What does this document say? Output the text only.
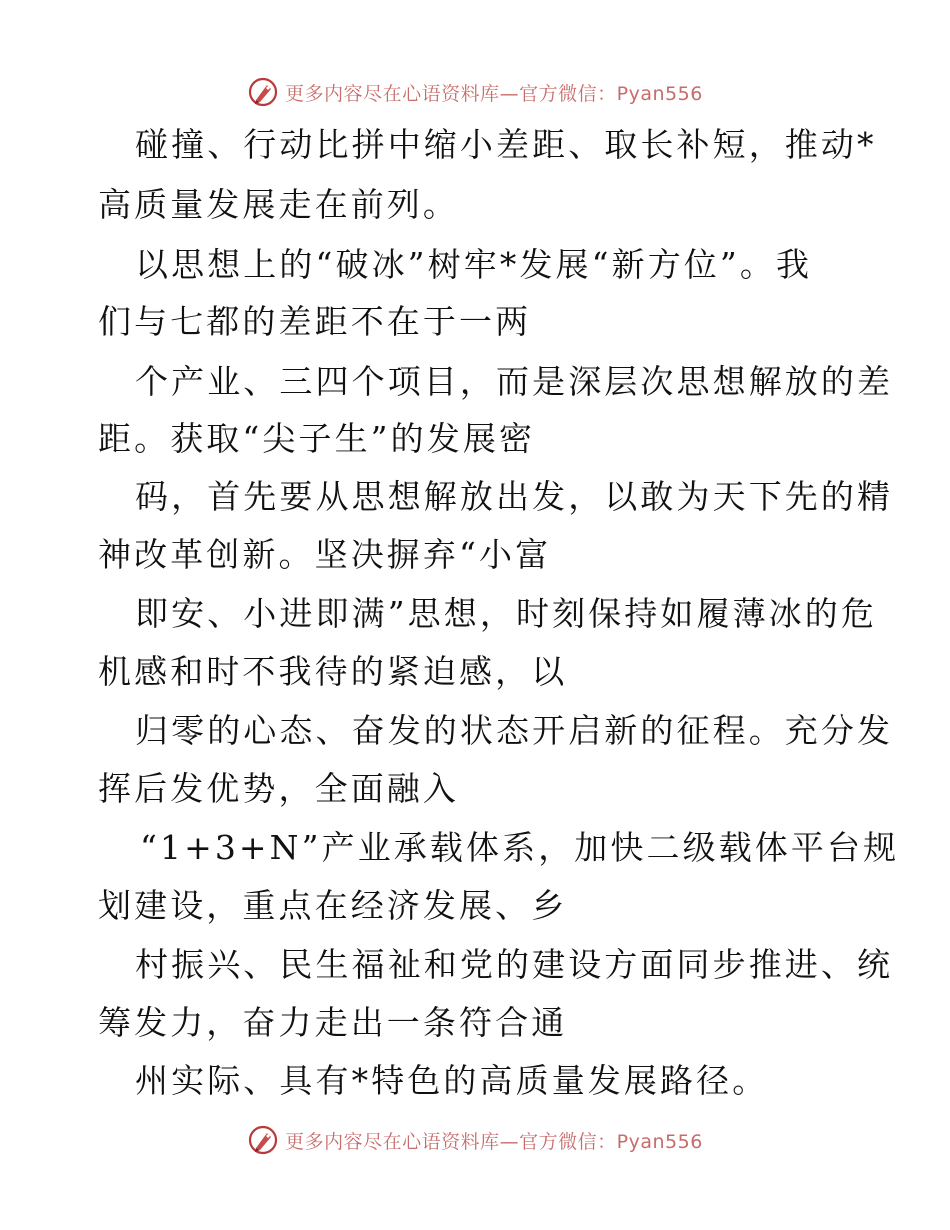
更多内容尽在心语资料库—官方微信：Pyan556
碰撞、行动比拼中缩小差距、取长补短，推动*
高质量发展走在前列。
以思想上的“破冰”树牢*发展“新方位”。我
们与七都的差距不在于一两
个产业、三四个项目，而是深层次思想解放的差
距。获取“尖子生”的发展密
码，首先要从思想解放出发，以敢为天下先的精
神改革创新。坚决摒弃“小富
即安、小进即满”思想，时刻保持如履薄冰的危
机感和时不我待的紧迫感，以
归零的心态、奋发的状态开启新的征程。充分发
挥后发优势，全面融入
“1+3+N”产业承载体系，加快二级载体平台规
划建设，重点在经济发展、乡
村振兴、民生福祉和党的建设方面同步推进、统
筹发力，奋力走出一条符合通
州实际、具有*特色的高质量发展路径。
更多内容尽在心语资料库—官方微信：Pyan556
